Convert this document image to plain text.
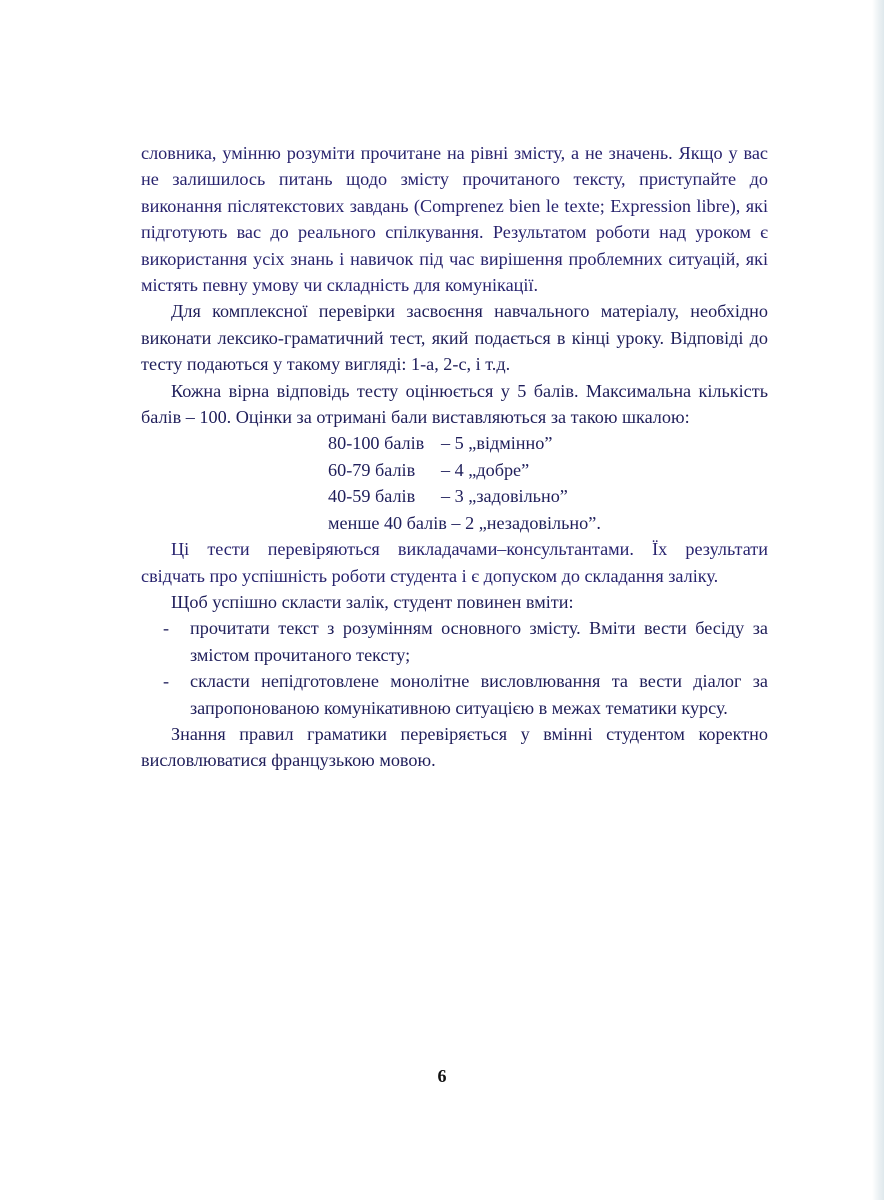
словника, умінню розуміти прочитане на рівні змісту, а не значень. Якщо у вас не залишилось питань щодо змісту прочитаного тексту, приступайте до виконання післятекстових завдань (Comprenez bien le texte; Expression libre), які підготують вас до реального спілкування. Результатом роботи над уроком є використання усіх знань і навичок під час вирішення проблемних ситуацій, які містять певну умову чи складність для комунікації.

Для комплексної перевірки засвоєння навчального матеріалу, необхідно виконати лексико-граматичний тест, який подається в кінці уроку. Відповіді до тесту подаються у такому вигляді: 1-а, 2-с, і т.д.

Кожна вірна відповідь тесту оцінюється у 5 балів. Максимальна кількість балів – 100. Оцінки за отримані бали виставляються за такою шкалою:

80-100 балів – 5 „відмінно”
60-79 балів	– 4 „добре”
40-59 балів	– 3 „задовільно”
менше 40 балів – 2 „незадовільно”.

Ці тести перевіряються викладачами–консультантами. Їх результати свідчать про успішність роботи студента і є допуском до складання заліку.

Щоб успішно скласти залік, студент повинен вміти:

- прочитати текст з розумінням основного змісту. Вміти вести бесіду за змістом прочитаного тексту;
- скласти непідготовлене монолітне висловлювання та вести діалог за запропонованою комунікативною ситуацією в межах тематики курсу.

Знання правил граматики перевіряється у вмінні студентом коректно висловлюватися французькою мовою.

6
